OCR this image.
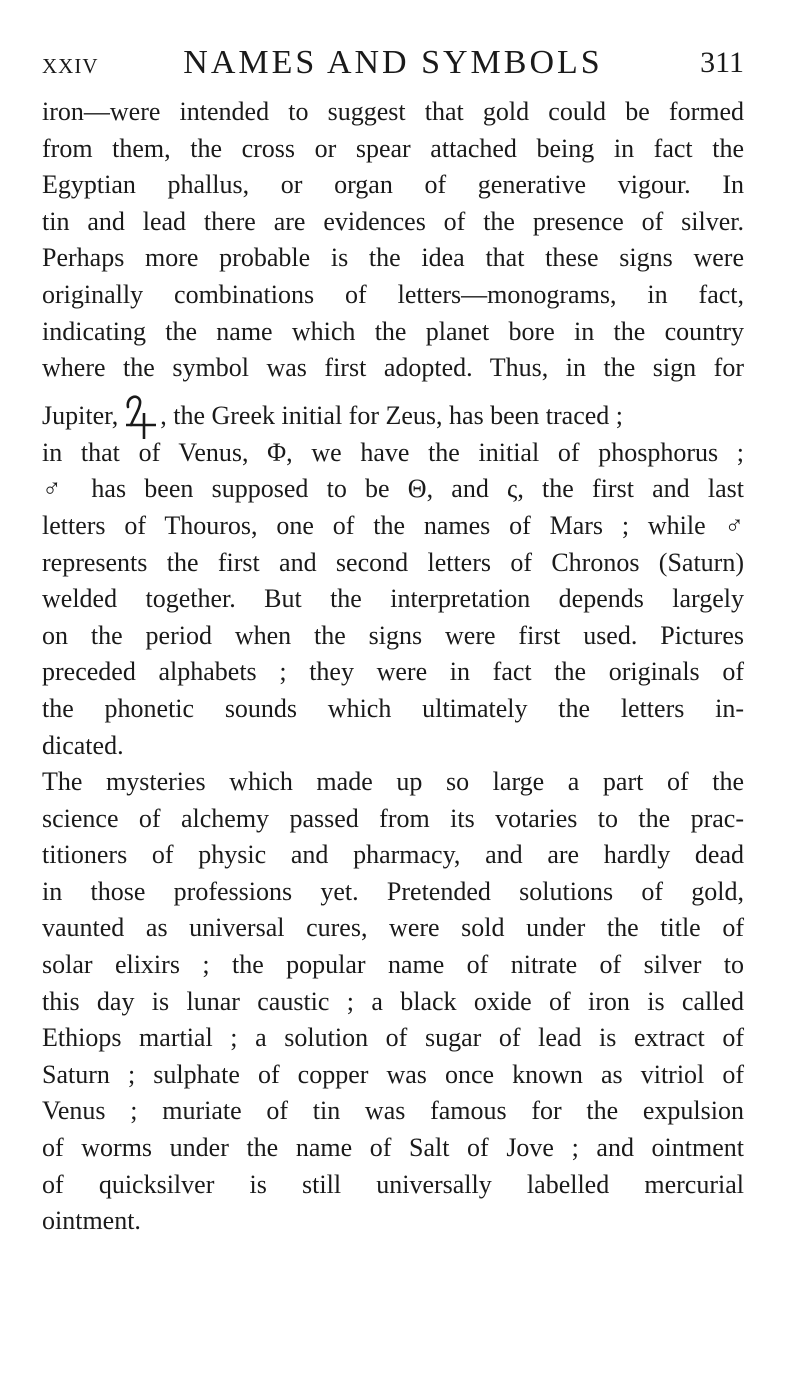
XXIV	NAMES AND SYMBOLS	311
iron—were intended to suggest that gold could be formed
from them, the cross or spear attached being in fact the
Egyptian phallus, or organ of generative vigour. In
tin and lead there are evidences of the presence of silver.
Perhaps more probable is the idea that these signs were
originally combinations of letters—monograms, in fact,
indicating the name which the planet bore in the country
where the symbol was first adopted. Thus, in the sign for
Jupiter, , the Greek initial for Zeus, has been traced ;
in that of Venus, Φ, we have the initial of phosphorus ;
♂ has been supposed to be Θ, and ς, the first and last
letters of Thouros, one of the names of Mars ; while ♂
represents the first and second letters of Chronos (Saturn)
welded together. But the interpretation depends largely
on the period when the signs were first used. Pictures
preceded alphabets ; they were in fact the originals of
the phonetic sounds which ultimately the letters in-
dicated.
The mysteries which made up so large a part of the
science of alchemy passed from its votaries to the prac-
titioners of physic and pharmacy, and are hardly dead
in those professions yet. Pretended solutions of gold,
vaunted as universal cures, were sold under the title of
solar elixirs ; the popular name of nitrate of silver to
this day is lunar caustic ; a black oxide of iron is called
Ethiops martial ; a solution of sugar of lead is extract of
Saturn ; sulphate of copper was once known as vitriol of
Venus ; muriate of tin was famous for the expulsion
of worms under the name of Salt of Jove ; and ointment
of quicksilver is still universally labelled mercurial
ointment.
